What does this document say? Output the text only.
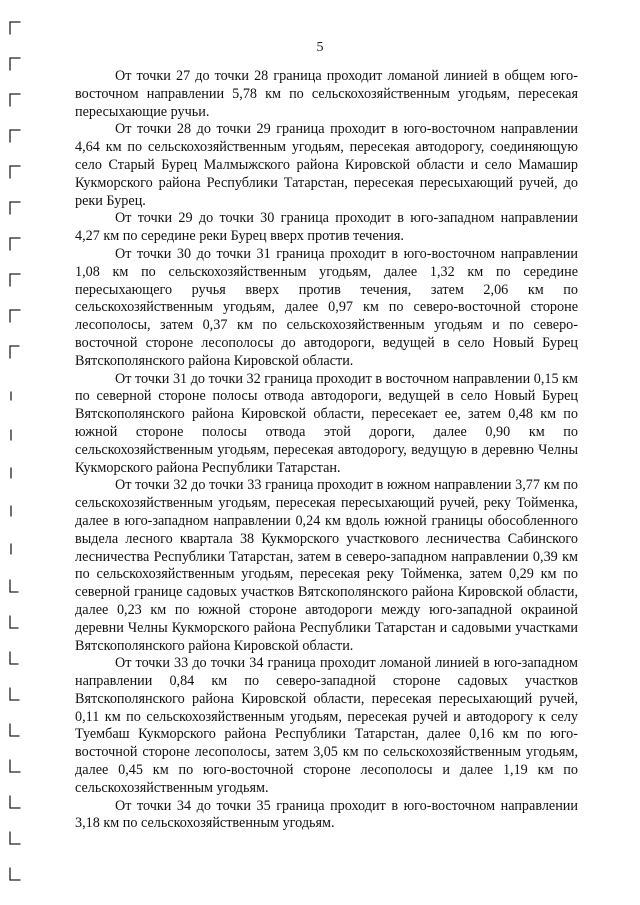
5

От точки 27 до точки 28 граница проходит ломаной линией в общем юго-восточном направлении 5,78 км по сельскохозяйственным угодьям, пересекая пересыхающие ручьи.

От точки 28 до точки 29 граница проходит в юго-восточном направлении 4,64 км по сельскохозяйственным угодьям, пересекая автодорогу, соединяющую село Старый Бурец Малмыжского района Кировской области и село Мамашир Кукморского района Республики Татарстан, пересекая пересыхающий ручей, до реки Бурец.

От точки 29 до точки 30 граница проходит в юго-западном направлении 4,27 км по середине реки Бурец вверх против течения.

От точки 30 до точки 31 граница проходит в юго-восточном направлении 1,08 км по сельскохозяйственным угодьям, далее 1,32 км по середине пересыхающего ручья вверх против течения, затем 2,06 км по сельскохозяйственным угодьям, далее 0,97 км по северо-восточной стороне лесополосы, затем 0,37 км по сельскохозяйственным угодьям и по северо-восточной стороне лесополосы до автодороги, ведущей в село Новый Бурец Вятскополянского района Кировской области.

От точки 31 до точки 32 граница проходит в восточном направлении 0,15 км по северной стороне полосы отвода автодороги, ведущей в село Новый Бурец Вятскополянского района Кировской области, пересекает ее, затем 0,48 км по южной стороне полосы отвода этой дороги, далее 0,90 км по сельскохозяйственным угодьям, пересекая автодорогу, ведущую в деревню Челны Кукморского района Республики Татарстан.

От точки 32 до точки 33 граница проходит в южном направлении 3,77 км по сельскохозяйственным угодьям, пересекая пересыхающий ручей, реку Тойменка, далее в юго-западном направлении 0,24 км вдоль южной границы обособленного выдела лесного квартала 38 Кукморского участкового лесничества Сабинского лесничества Республики Татарстан, затем в северо-западном направлении 0,39 км по сельскохозяйственным угодьям, пересекая реку Тойменка, затем 0,29 км по северной границе садовых участков Вятскополянского района Кировской области, далее 0,23 км по южной стороне автодороги между юго-западной окраиной деревни Челны Кукморского района Республики Татарстан и садовыми участками Вятскополянского района Кировской области.

От точки 33 до точки 34 граница проходит ломаной линией в юго-западном направлении 0,84 км по северо-западной стороне садовых участков Вятскополянского района Кировской области, пересекая пересыхающий ручей, 0,11 км по сельскохозяйственным угодьям, пересекая ручей и автодорогу к селу Туембаш Кукморского района Республики Татарстан, далее 0,16 км по юго-восточной стороне лесополосы, затем 3,05 км по сельскохозяйственным угодьям, далее 0,45 км по юго-восточной стороне лесополосы и далее 1,19 км по сельскохозяйственным угодьям.

От точки 34 до точки 35 граница проходит в юго-восточном направлении 3,18 км по сельскохозяйственным угодьям.
